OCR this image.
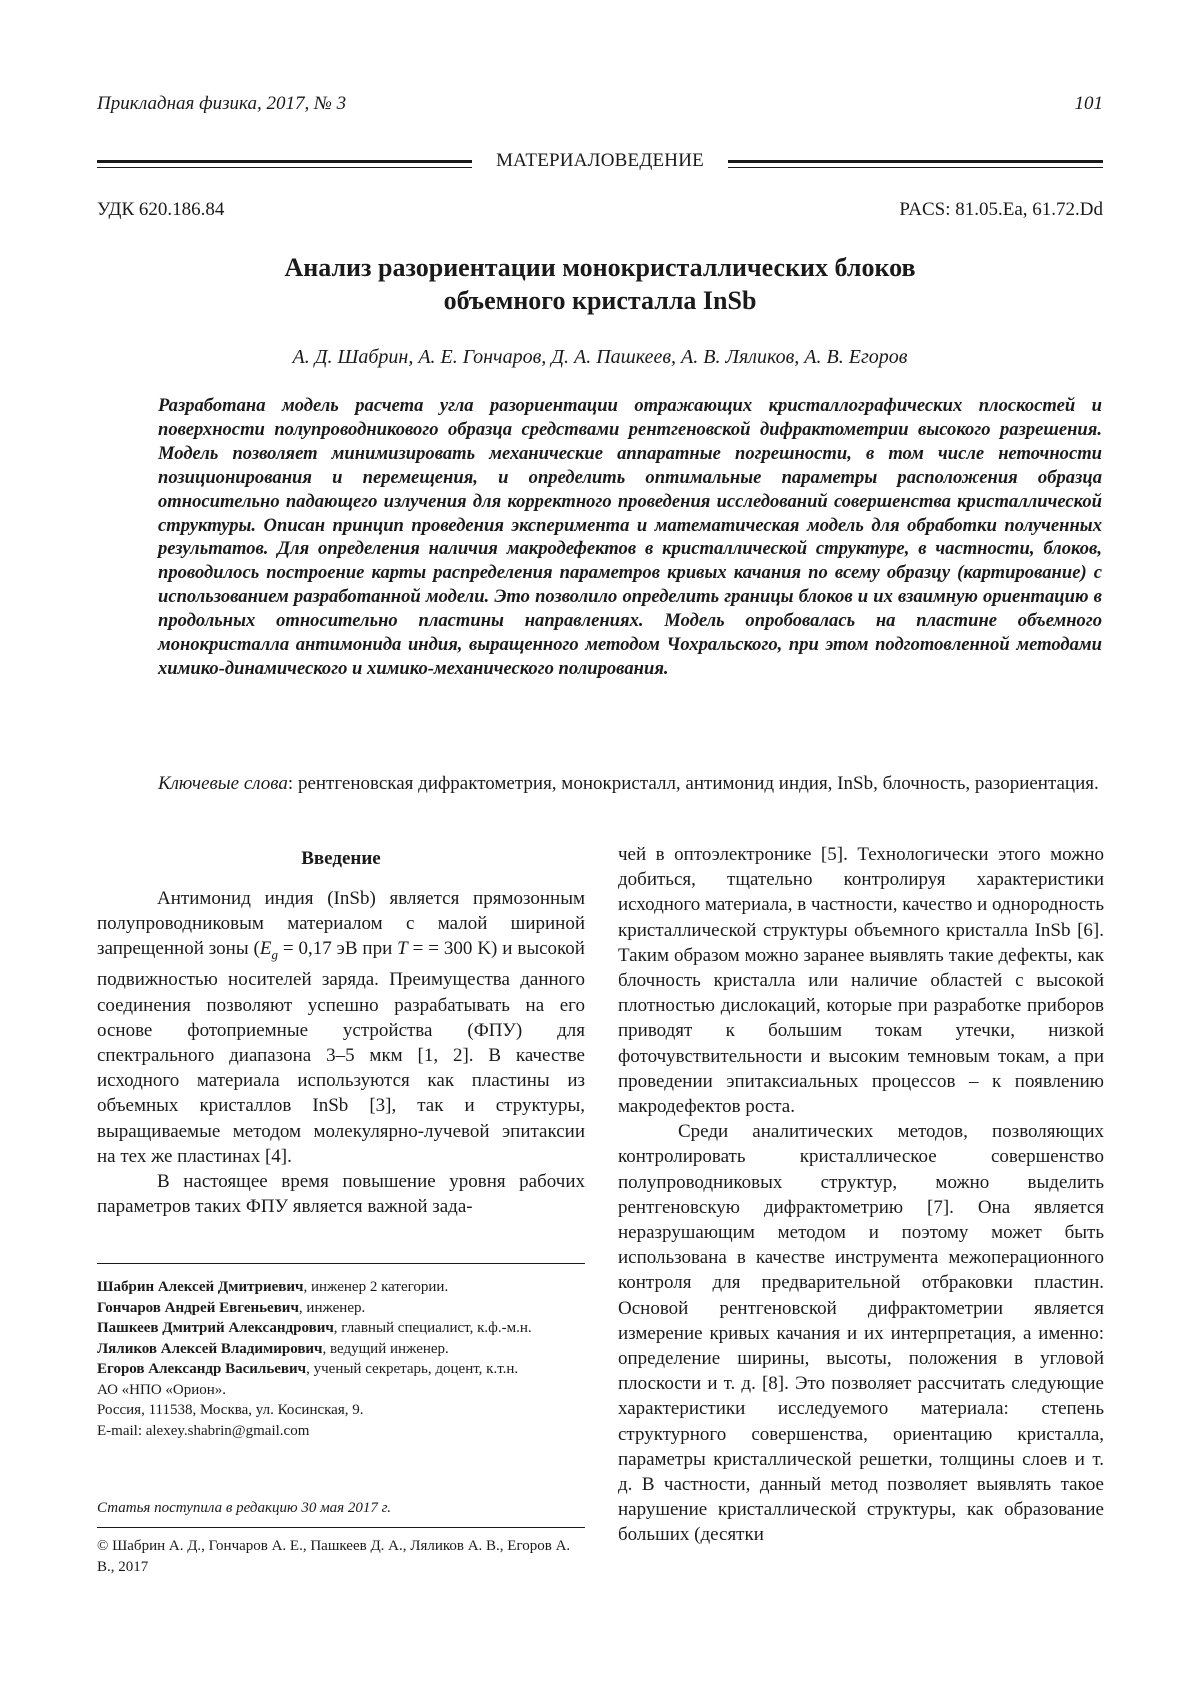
Прикладная физика, 2017, № 3	101
МАТЕРИАЛОВЕДЕНИЕ
УДК 620.186.84	PACS: 81.05.Ea, 61.72.Dd
Анализ разориентации монокристаллических блоков
объемного кристалла InSb
А. Д. Шабрин, А. Е. Гончаров, Д. А. Пашкеев, А. В. Ляликов, А. В. Егоров
Разработана модель расчета угла разориентации отражающих кристаллографических плоскостей и поверхности полупроводникового образца средствами рентгеновской дифрактометрии высокого разрешения. Модель позволяет минимизировать механические аппаратные погрешности, в том числе неточности позиционирования и перемещения, и определить оптимальные параметры расположения образца относительно падающего излучения для корректного проведения исследований совершенства кристаллической структуры. Описан принцип проведения эксперимента и математическая модель для обработки полученных результатов. Для определения наличия макродефектов в кристаллической структуре, в частности, блоков, проводилось построение карты распределения параметров кривых качания по всему образцу (картирование) с использованием разработанной модели. Это позволило определить границы блоков и их взаимную ориентацию в продольных относительно пластины направлениях. Модель опробовалась на пластине объемного монокристалла антимонида индия, выращенного методом Чохральского, при этом подготовленной методами химико-динамического и химико-механического полирования.
Ключевые слова: рентгеновская дифрактометрия, монокристалл, антимонид индия, InSb, блочность, разориентация.
Введение

Антимонид индия (InSb) является прямозонным полупроводниковым материалом с малой шириной запрещенной зоны ($E_g = 0,17$ эВ при T = = 300 K) и высокой подвижностью носителей заряда. Преимущества данного соединения позволяют успешно разрабатывать на его основе фотоприемные устройства (ФПУ) для спектрального диапазона 3–5 мкм [1, 2]. В качестве исходного материала используются как пластины из объемных кристаллов InSb [3], так и структуры, выращиваемые методом молекулярно-лучевой эпитаксии на тех же пластинах [4].

В настоящее время повышение уровня рабочих параметров таких ФПУ является важной зада-

Шабрин Алексей Дмитриевич, инженер 2 категории.
Гончаров Андрей Евгеньевич, инженер.
Пашкеев Дмитрий Александрович, главный специалист, к.ф.-м.н.
Ляликов Алексей Владимирович, ведущий инженер.
Егоров Александр Васильевич, ученый секретарь, доцент, к.т.н.
АО «НПО «Орион».
Россия, 111538, Москва, ул. Косинская, 9.
E-mail: alexey.shabrin@gmail.com
Статья поступила в редакцию 30 мая 2017 г.
© Шабрин А. Д., Гончаров А. Е., Пашкеев Д. А., Ляликов А. В., Егоров А. В., 2017

чей в оптоэлектронике [5]. Технологически этого можно добиться, тщательно контролируя характеристики исходного материала, в частности, качество и однородность кристаллической структуры объемного кристалла InSb [6]. Таким образом можно заранее выявлять такие дефекты, как блочность кристалла или наличие областей с высокой плотностью дислокаций, которые при разработке приборов приводят к большим токам утечки, низкой фоточувствительности и высоким темновым токам, а при проведении эпитаксиальных процессов – к появлению макродефектов роста.

Среди аналитических методов, позволяющих контролировать кристаллическое совершенство полупроводниковых структур, можно выделить рентгеновскую дифрактометрию [7]. Она является неразрушающим методом и поэтому может быть использована в качестве инструмента межоперационного контроля для предварительной отбраковки пластин. Основой рентгеновской дифрактометрии является измерение кривых качания и их интерпретация, а именно: определение ширины, высоты, положения в угловой плоскости и т. д. [8]. Это позволяет рассчитать следующие характеристики исследуемого материала: степень структурного совершенства, ориентацию кристалла, параметры кристаллической решетки, толщины слоев и т. д. В частности, данный метод позволяет выявлять такое нарушение кристаллической структуры, как образование больших (десятки
